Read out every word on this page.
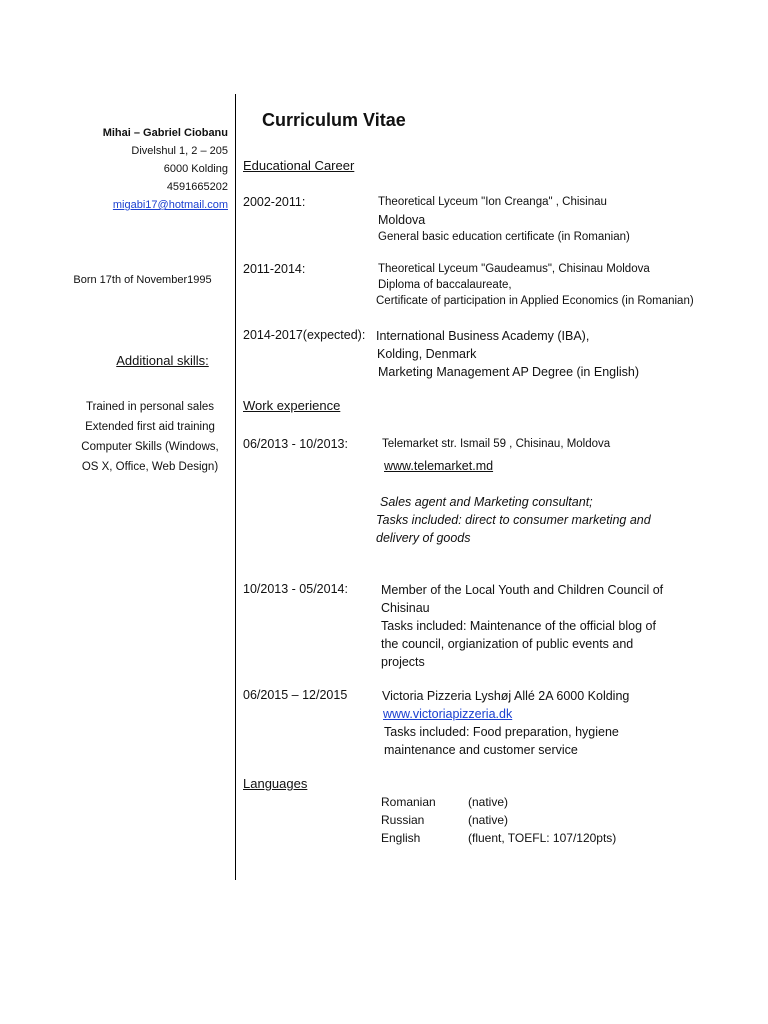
Mihai – Gabriel Ciobanu
Divelshul 1, 2 – 205
6000 Kolding
4591665202
migabi17@hotmail.com
Born 17th of November1995
Additional skills:
Trained in personal sales
Extended first aid training
Computer Skills (Windows,
OS X, Office, Web Design)
Curriculum Vitae
Educational Career
2002-2011:	Theoretical Lyceum "Ion Creanga" , Chisinau
Moldova
General basic education certificate (in Romanian)
2011-2014:	Theoretical Lyceum "Gaudeamus", Chisinau Moldova
Diploma of baccalaureate,
Certificate of participation in Applied Economics (in Romanian)
2014-2017(expected): International Business Academy (IBA),
Kolding, Denmark
Marketing Management AP Degree (in English)
Work experience
06/2013 - 10/2013:	Telemarket str. Ismail 59 , Chisinau, Moldova
www.telemarket.md
Sales agent and Marketing consultant;
Tasks included: direct to consumer marketing and
delivery of goods
10/2013 - 05/2014:	Member of the Local Youth and Children Council of
Chisinau
Tasks included: Maintenance of the official blog of
the council, orgianization of public events and
projects
06/2015 – 12/2015	Victoria Pizzeria Lyshøj Allé 2A 6000 Kolding
www.victoriapizzeria.dk
Tasks included: Food preparation, hygiene
maintenance and customer service
Languages
Romanian	(native)
Russian	(native)
English	(fluent, TOEFL: 107/120pts)
